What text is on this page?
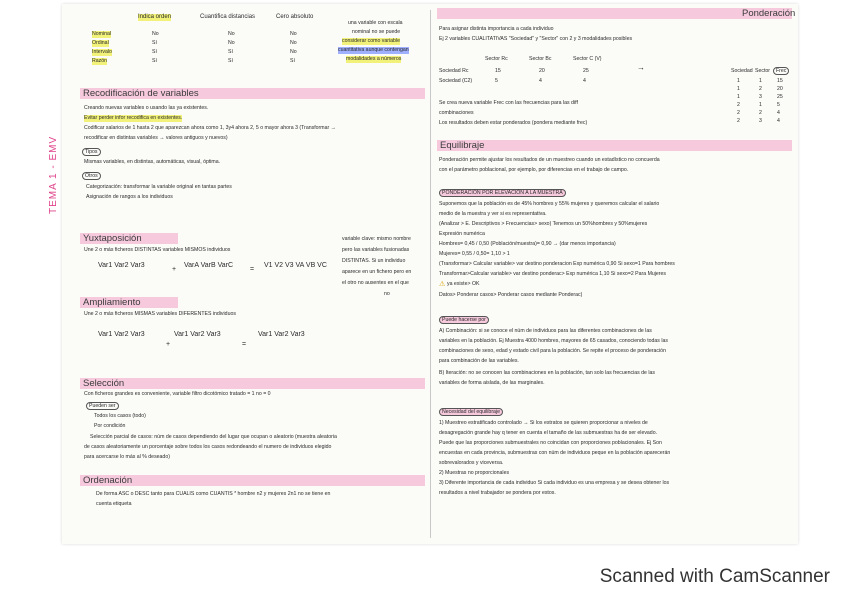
TEMA 1 - EMV
Indica orden	Cuantifica distancias	Cero absoluto
Nominal	No	No	No
Ordinal	Sí	No	No
Intervalo	Sí	Sí	No
Razón	Sí	Sí	Sí
una variable con escala
nominal no se puede
considerar como variable
cuantitativa aunque contengan
modalidades a números
Recodificación de variables
Creando nuevas variables o usando las ya existentes.
Evitar perder infor recodifica en existentes.
Codificar salarios de 1 hasta 2 que aparezcan ahora como 1, 3y4 ahora 2, 5 o mayor ahora 3 (Transformar →
recodificar en distintas variables → valores antiguos y nuevos)
Tipos
Mismas variables, en distintas, automáticas, visual, óptima.
Otros
Categorización: transformar la variable original en tantas partes
Asignación de rangos a los individuos
Yuxtaposición
Une 2 o más ficheros DISTINTAS variables MISMOS individuos
Var1 Var2 Var3
+
VarA VarB VarC
=
V1 V2 V3 VA VB VC
variable clave: mismo nombre
pero las variables fusionadas
DISTINTAS. Si un individuo
aparece en un fichero pero en
el otro no ausentes en el que
no
Ampliamiento
Une 2 o más ficheros MISMAS variables DIFERENTES individuos
Var1 Var2 Var3
+
Var1 Var2 Var3
=
Var1 Var2 Var3
Selección
Con ficheros grandes es conveniente, variable filtro dicotómico tratado = 1 no = 0
Pueden ser
Todos los casos (todo)
Por condición
Selección parcial de casos: núm de casos dependiendo del lugar que ocupan o aleatorio (muestra aleatoria
de casos aleatoriamente un porcentaje sobre todos los casos redondeando el numero de individuos elegido
para acercarse lo más al % deseado)
Ordenación
De forma ASC o DESC tanto para CUALIS como CUANTIS * hombre n2 y mujeres 2n1 no se tiene en
cuenta etiqueta
Ponderación
Para asignar distinta importancia a cada individuo
Ej 2 variables CUALITATIVAS "Sociedad" y "Sector" con 2 y 3 modalidades posibles
Sector Rc	Sector Bc	Sector C (V)
Sociedad Rc	15	20	25
Sociedad (C2)	5	4	4
→	Sociedad Sector	Frec
1	1	15
1	2	20
1	3	25
2	1	5
2	2	4
2	3	4
Se crea nueva variable Frec con las frecuencias para las diff
combinaciones
Los resultados deben estar ponderados (pondera mediante frec)
Equilibraje
Ponderación permite ajustar los resultados de un muestreo cuando un estadístico no concuerda
con el parámetro poblacional, por ejemplo, por diferencias en el trabajo de campo.
PONDERACIÓN POR ELEVACIÓN A LA MUESTRA
Suponemos que la población es de 45% hombres y 55% mujeres y queremos calcular el salario
medio de la muestra y ver si es representativa.
(Analizar > E. Descriptivos > Frecuencias> sexo) Tenemos un 50%hombres y 50%mujeres
Expresión numérica
Hombres= 0,45 / 0,50 (Población/muestra)= 0,90 → (dar menos importancia)
Mujeres= 0,55 / 0,50= 1,10 > 1
(Transformar> Calcular variable> var destino ponderacion Exp numérica 0,90 Si sexo=1 Para hombres
Transformar>Calcular variable> var destino ponderac> Exp numérica 1,10 Si sexo=2 Para Mujeres
⚠ ya existe> OK
Datos> Ponderar casos> Ponderar casos mediante Ponderac)
Puede hacerse por
A) Combinación: si se conoce el núm de individuos para las diferentes combinaciones de las
variables en la población. Ej Muestra 4000 hombres, mayores de 65 casados, conociendo todas las
combinaciones de sexo, edad y estado civil para la población. Se repite el proceso de ponderación
para combinación de las variables.
B) Iteración: no se conocen las combinaciones en la población, tan solo las frecuencias de las
variables de forma aislada, de las marginales.
Necesidad del equilibraje
1) Muestreo estratificado controlado → Si los estratos se quieren proporcionar a niveles de
desagregación grande hay q tener en cuenta el tamaño de las submuestras ha de ser elevado.
Puede que las proporciones submuestrales no coincidan con proporciones poblacionales. Ej Son
encuestas en cada provincia, submuestras con núm de individuos peque en la población aparecerán
sobrevalorados y viceversa.
2) Muestras no proporcionales
3) Diferente importancia de cada individuo Si cada individuo es una empresa y se desea obtener los
resultados a nivel trabajador se pondera por estos.
Scanned with CamScanner
